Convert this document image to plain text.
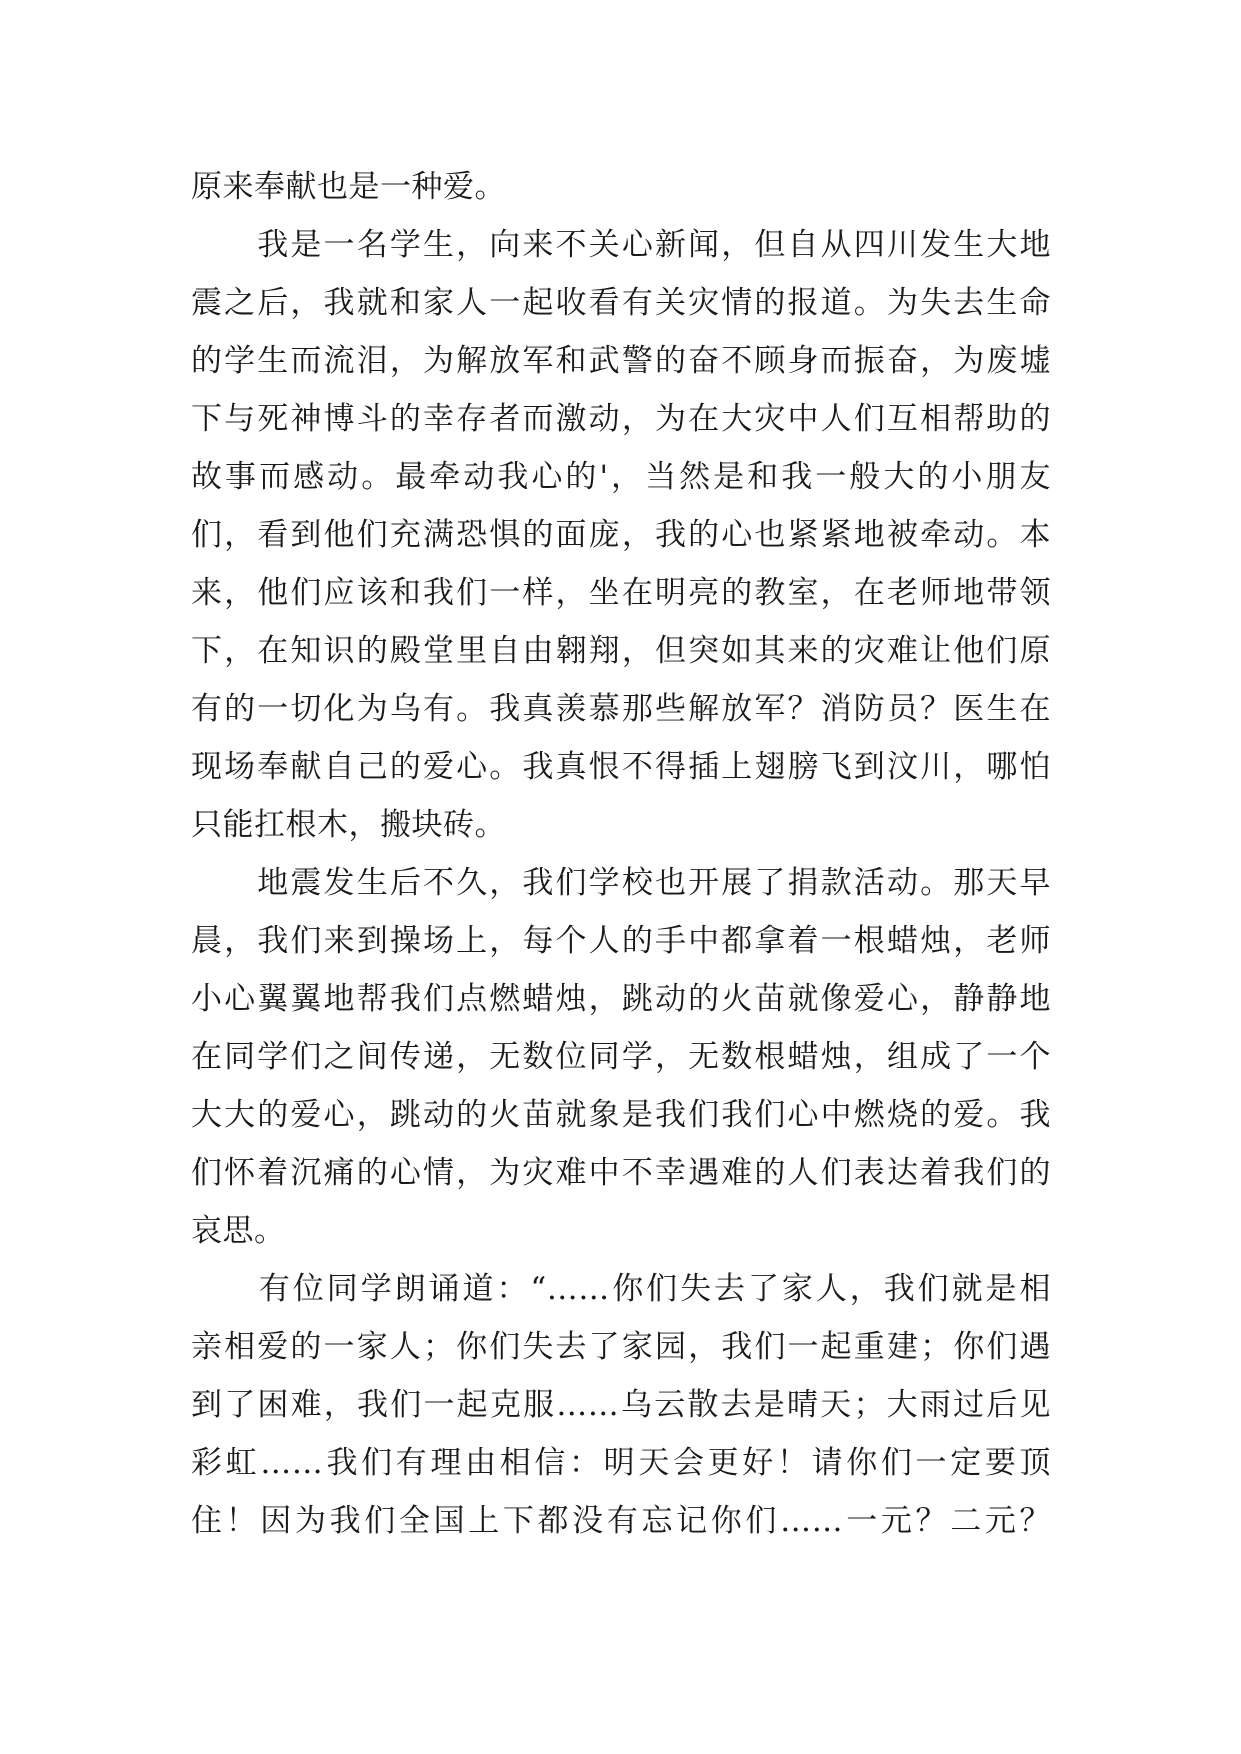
原来奉献也是一种爱。
　　我是一名学生，向来不关心新闻，但自从四川发生大地
震之后，我就和家人一起收看有关灾情的报道。为失去生命
的学生而流泪，为解放军和武警的奋不顾身而振奋，为废墟
下与死神博斗的幸存者而激动，为在大灾中人们互相帮助的
故事而感动。最牵动我心的'，当然是和我一般大的小朋友
们，看到他们充满恐惧的面庞，我的心也紧紧地被牵动。本
来，他们应该和我们一样，坐在明亮的教室，在老师地带领
下，在知识的殿堂里自由翱翔，但突如其来的灾难让他们原
有的一切化为乌有。我真羡慕那些解放军？消防员？医生在
现场奉献自己的爱心。我真恨不得插上翅膀飞到汶川，哪怕
只能扛根木，搬块砖。
　　地震发生后不久，我们学校也开展了捐款活动。那天早
晨，我们来到操场上，每个人的手中都拿着一根蜡烛，老师
小心翼翼地帮我们点燃蜡烛，跳动的火苗就像爱心，静静地
在同学们之间传递，无数位同学，无数根蜡烛，组成了一个
大大的爱心，跳动的火苗就象是我们我们心中燃烧的爱。我
们怀着沉痛的心情，为灾难中不幸遇难的人们表达着我们的
哀思。
　　有位同学朗诵道：“……你们失去了家人，我们就是相
亲相爱的一家人；你们失去了家园，我们一起重建；你们遇
到了困难，我们一起克服……乌云散去是晴天；大雨过后见
彩虹……我们有理由相信：明天会更好！请你们一定要顶
住！因为我们全国上下都没有忘记你们……一元？二元？
